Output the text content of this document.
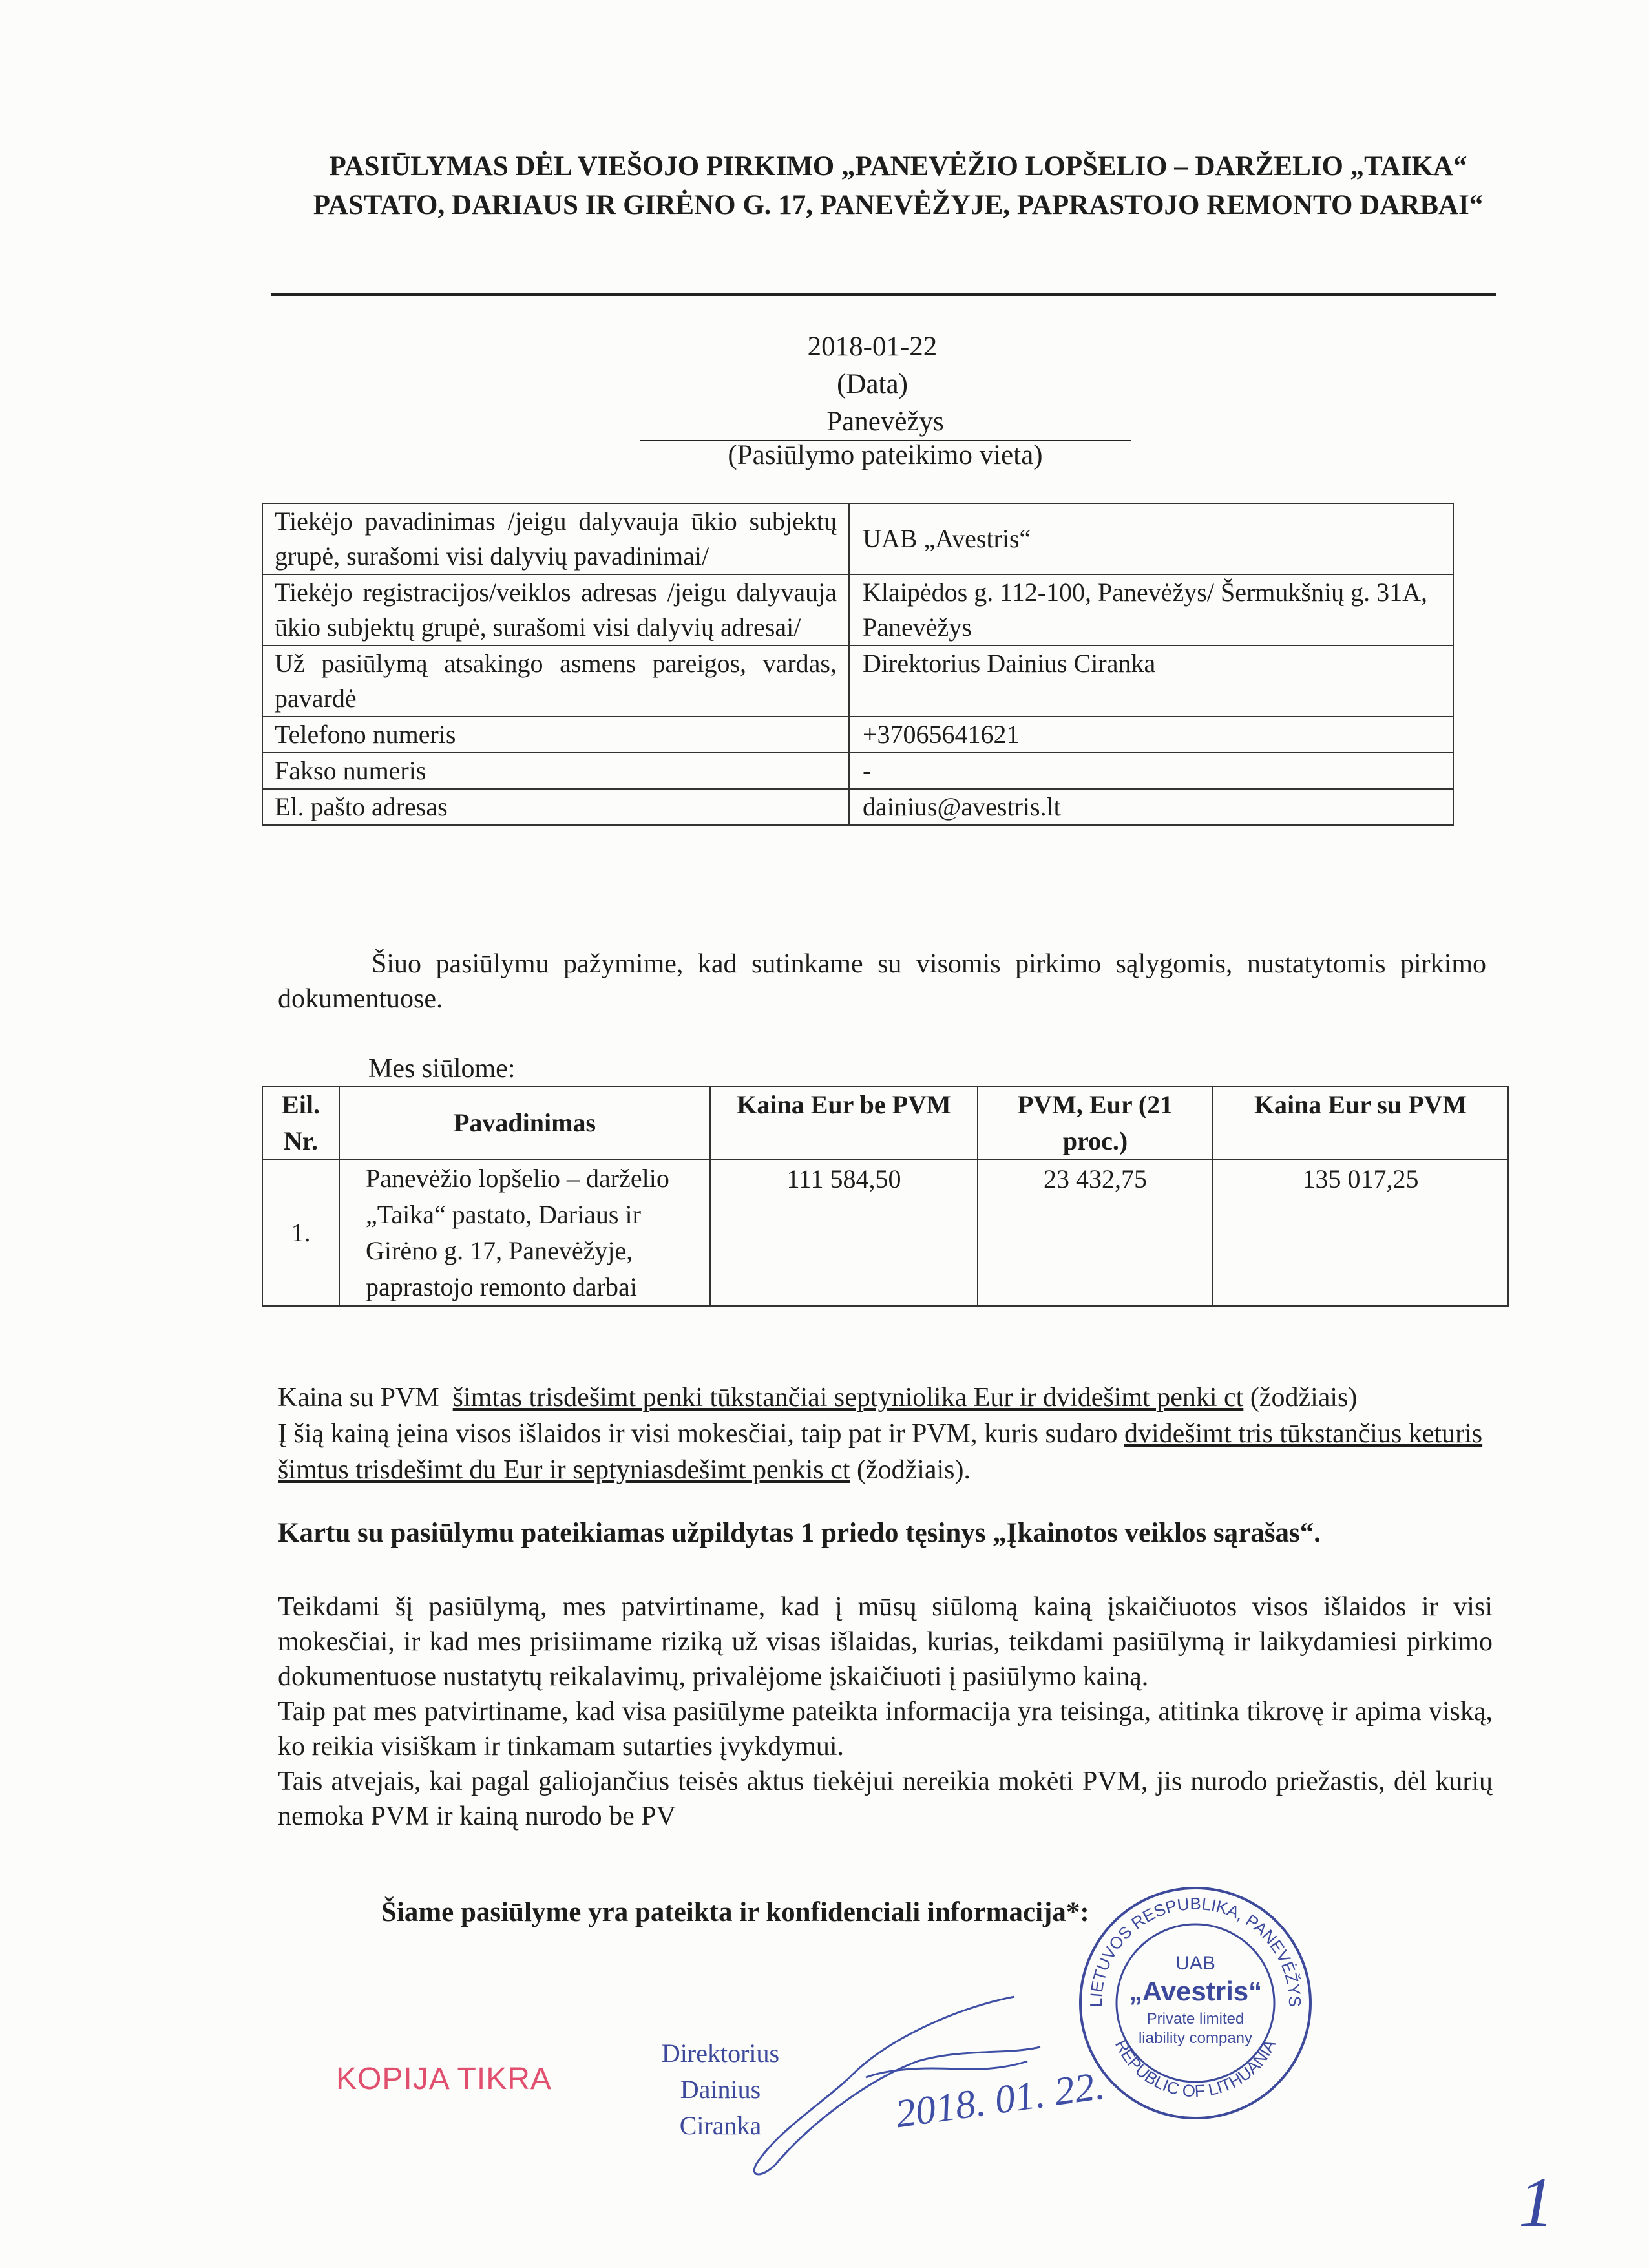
PASIŪLYMAS DĖL VIEŠOJO PIRKIMO „PANEVĖŽIO LOPŠELIO – DARŽELIO „TAIKA“ PASTATO, DARIAUS IR GIRĖNO G. 17, PANEVĖŽYJE, PAPRASTOJO REMONTO DARBAI“
2018-01-22
(Data)
Panevėžys
(Pasiūlymo pateikimo vieta)
Tiekėjo pavadinimas /jeigu dalyvauja ūkio subjektų grupė, surašomi visi dalyvių pavadinimai/	UAB „Avestris“
Tiekėjo registracijos/veiklos adresas /jeigu dalyvauja ūkio subjektų grupė, surašomi visi dalyvių adresai/	Klaipėdos g. 112-100, Panevėžys/ Šermukšnių g. 31A, Panevėžys
Už pasiūlymą atsakingo asmens pareigos, vardas, pavardė	Direktorius Dainius Ciranka
Telefono numeris	+37065641621
Fakso numeris	-
El. pašto adresas	dainius@avestris.lt
Šiuo pasiūlymu pažymime, kad sutinkame su visomis pirkimo sąlygomis, nustatytomis pirkimo dokumentuose.
Mes siūlome:
Eil. Nr.	Pavadinimas	Kaina Eur be PVM	PVM, Eur (21 proc.)	Kaina Eur su PVM
1.	Panevėžio lopšelio – darželio „Taika“ pastato, Dariaus ir Girėno g. 17, Panevėžyje, paprastojo remonto darbai	111 584,50	23 432,75	135 017,25
Kaina su PVM šimtas trisdešimt penki tūkstančiai septyniolika Eur ir dvidešimt penki ct (žodžiais)
Į šią kainą įeina visos išlaidos ir visi mokesčiai, taip pat ir PVM, kuris sudaro dvidešimt tris tūkstančius keturis šimtus trisdešimt du Eur ir septyniasdešimt penkis ct (žodžiais).
Kartu su pasiūlymu pateikiamas užpildytas 1 priedo tęsinys „Įkainotos veiklos sąrašas“.

Teikdami šį pasiūlymą, mes patvirtiname, kad į mūsų siūlomą kainą įskaičiuotos visos išlaidos ir visi mokesčiai, ir kad mes prisiimame riziką už visas išlaidas, kurias, teikdami pasiūlymą ir laikydamiesi pirkimo dokumentuose nustatytų reikalavimų, privalėjome įskaičiuoti į pasiūlymo kainą.

Taip pat mes patvirtiname, kad visa pasiūlyme pateikta informacija yra teisinga, atitinka tikrovę ir apima viską, ko reikia visiškam ir tinkamam sutarties įvykdymui.

Tais atvejais, kai pagal galiojančius teisės aktus tiekėjui nereikia mokėti PVM, jis nurodo priežastis, dėl kurių nemoka PVM ir kainą nurodo be PV

Šiame pasiūlyme yra pateikta ir konfidenciali informacija*:
KOPIJA TIKRA
Direktorius
Dainius Ciranka	2018. 01. 22.
LIETUVOS RESPUBLIKA, PANEVĖŽYS
REPUBLIC OF LITHUANIA
UAB
„Avestris“
Private limited
liability company
1
